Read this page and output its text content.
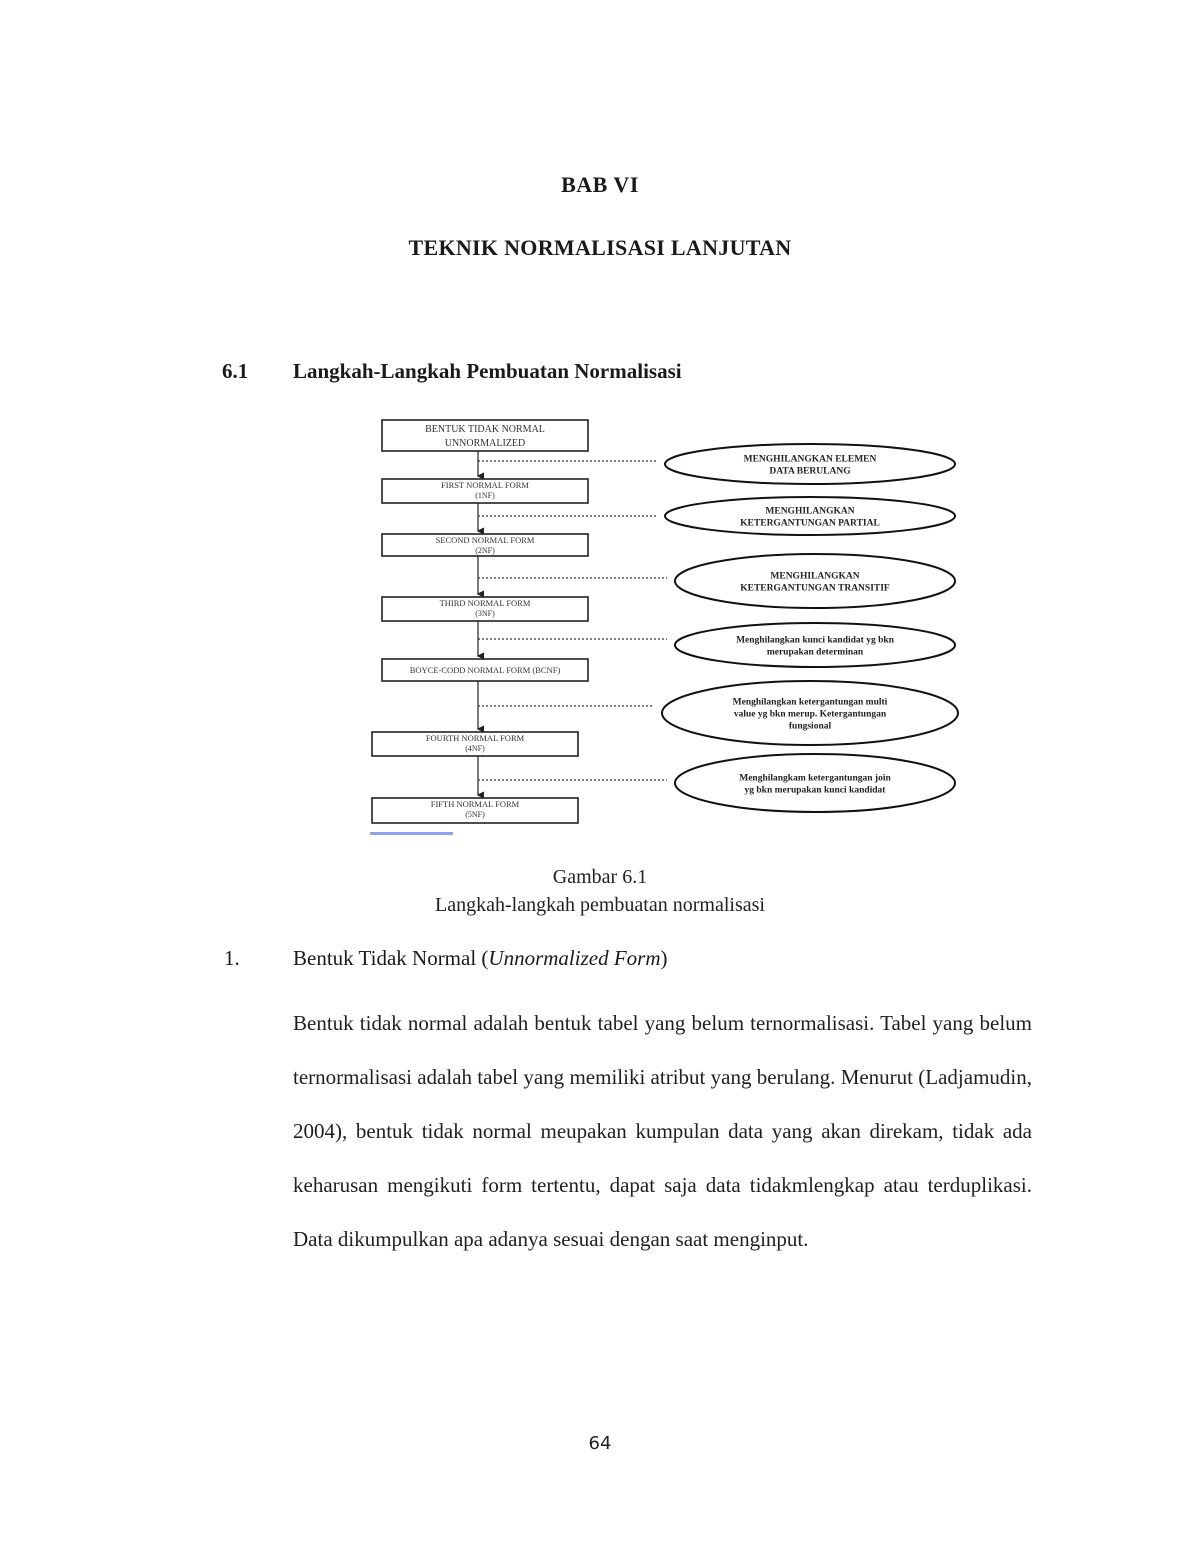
BAB VI
TEKNIK NORMALISASI LANJUTAN
6.1 Langkah-Langkah Pembuatan Normalisasi
BENTUK TIDAK NORMAL
UNNORMALIZED
FIRST NORMAL FORM
(1NF)
SECOND NORMAL FORM
(2NF)
THIRD NORMAL FORM
(3NF)
BOYCE-CODD NORMAL FORM (BCNF)
FOURTH NORMAL FORM
(4NF)
FIFTH NORMAL FORM
(5NF)
MENGHILANGKAN ELEMEN
DATA BERULANG
MENGHILANGKAN
KETERGANTUNGAN PARTIAL
MENGHILANGKAN
KETERGANTUNGAN TRANSITIF
Menghilangkan kunci kandidat yg bkn
merupakan determinan
Menghilangkan ketergantungan multi
value yg bkn merup. Ketergantungan
fungsional
Menghilangkam ketergantungan join
yg bkn merupakan kunci kandidat
Gambar 6.1
Langkah-langkah pembuatan normalisasi
1.	Bentuk Tidak Normal (Unnormalized Form)
Bentuk tidak normal adalah bentuk tabel yang belum ternormalisasi. Tabel yang belum ternormalisasi adalah tabel yang memiliki atribut yang berulang. Menurut (Ladjamudin, 2004), bentuk tidak normal meupakan kumpulan data yang akan direkam, tidak ada keharusan mengikuti form tertentu, dapat saja data tidakmlengkap atau terduplikasi. Data dikumpulkan apa adanya sesuai dengan saat menginput.
64
